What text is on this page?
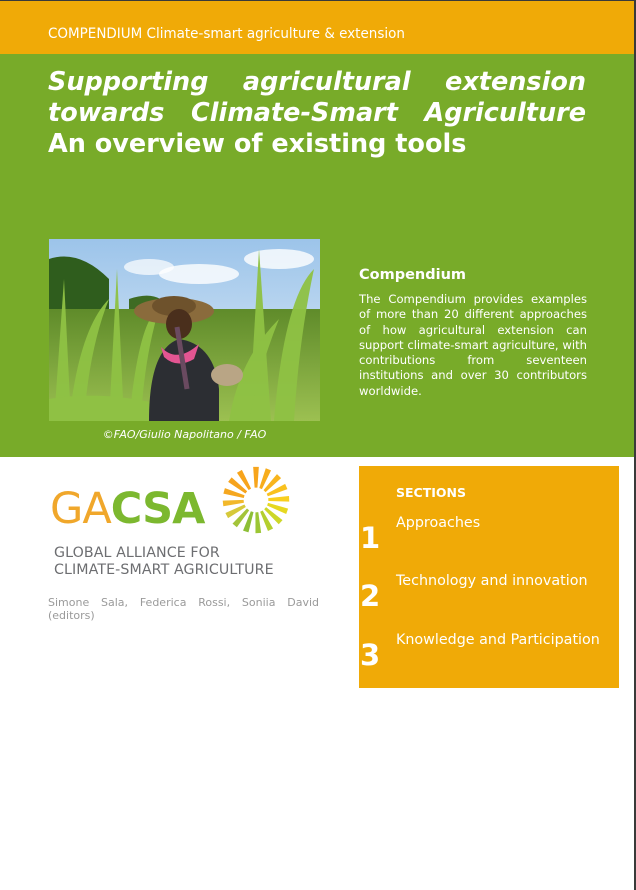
COMPENDIUM Climate-smart agriculture & extension
Supporting agricultural extension
towards Climate-Smart Agriculture
An overview of existing tools
©FAO/Giulio Napolitano / FAO
Compendium
The Compendium provides examples of more than 20 different approaches of how agricultural extension can support climate-smart agriculture, with contributions from seventeen institutions and over 30 contributors worldwide.
GACSA
GLOBAL ALLIANCE FOR
CLIMATE-SMART AGRICULTURE
Simone Sala, Federica Rossi, Soniia David
(editors)
SECTIONS
1 Approaches
2 Technology and innovation
3 Knowledge and Participation
